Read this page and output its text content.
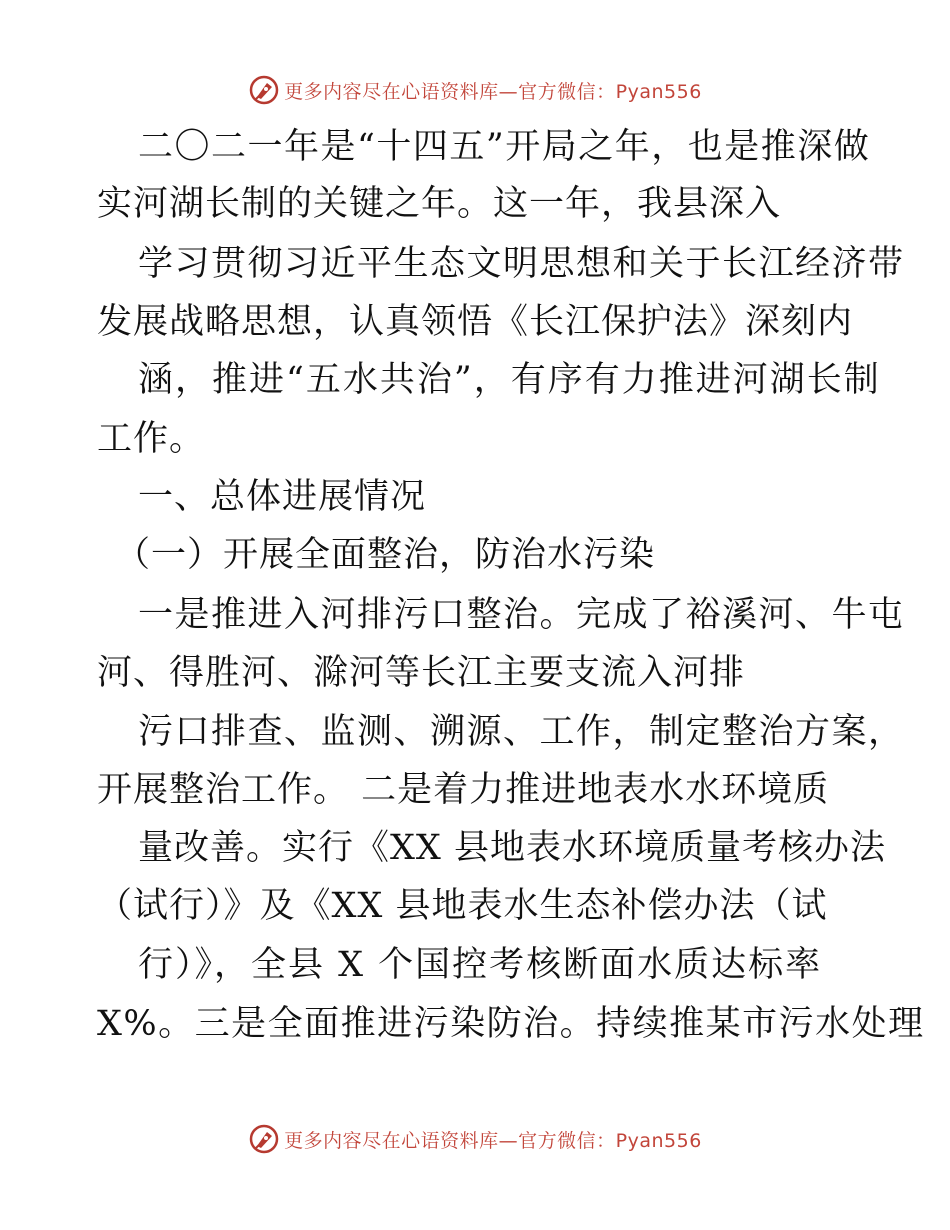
更多内容尽在心语资料库—官方微信：Pyan556
二〇二一年是“十四五”开局之年，也是推深做
实河湖长制的关键之年。这一年，我县深入
学习贯彻习近平生态文明思想和关于长江经济带
发展战略思想，认真领悟《长江保护法》深刻内
涵，推进“五水共治”，有序有力推进河湖长制
工作。
一、总体进展情况
（一）开展全面整治，防治水污染
一是推进入河排污口整治。完成了裕溪河、牛屯
河、得胜河、滁河等长江主要支流入河排
污口排查、监测、溯源、工作，制定整治方案，
开展整治工作。 二是着力推进地表水水环境质
量改善。实行《XX 县地表水环境质量考核办法
（试行）》及《XX 县地表水生态补偿办法（试
行）》，全县 X 个国控考核断面水质达标率
X%。三是全面推进污染防治。持续推某市污水处理
更多内容尽在心语资料库—官方微信：Pyan556
